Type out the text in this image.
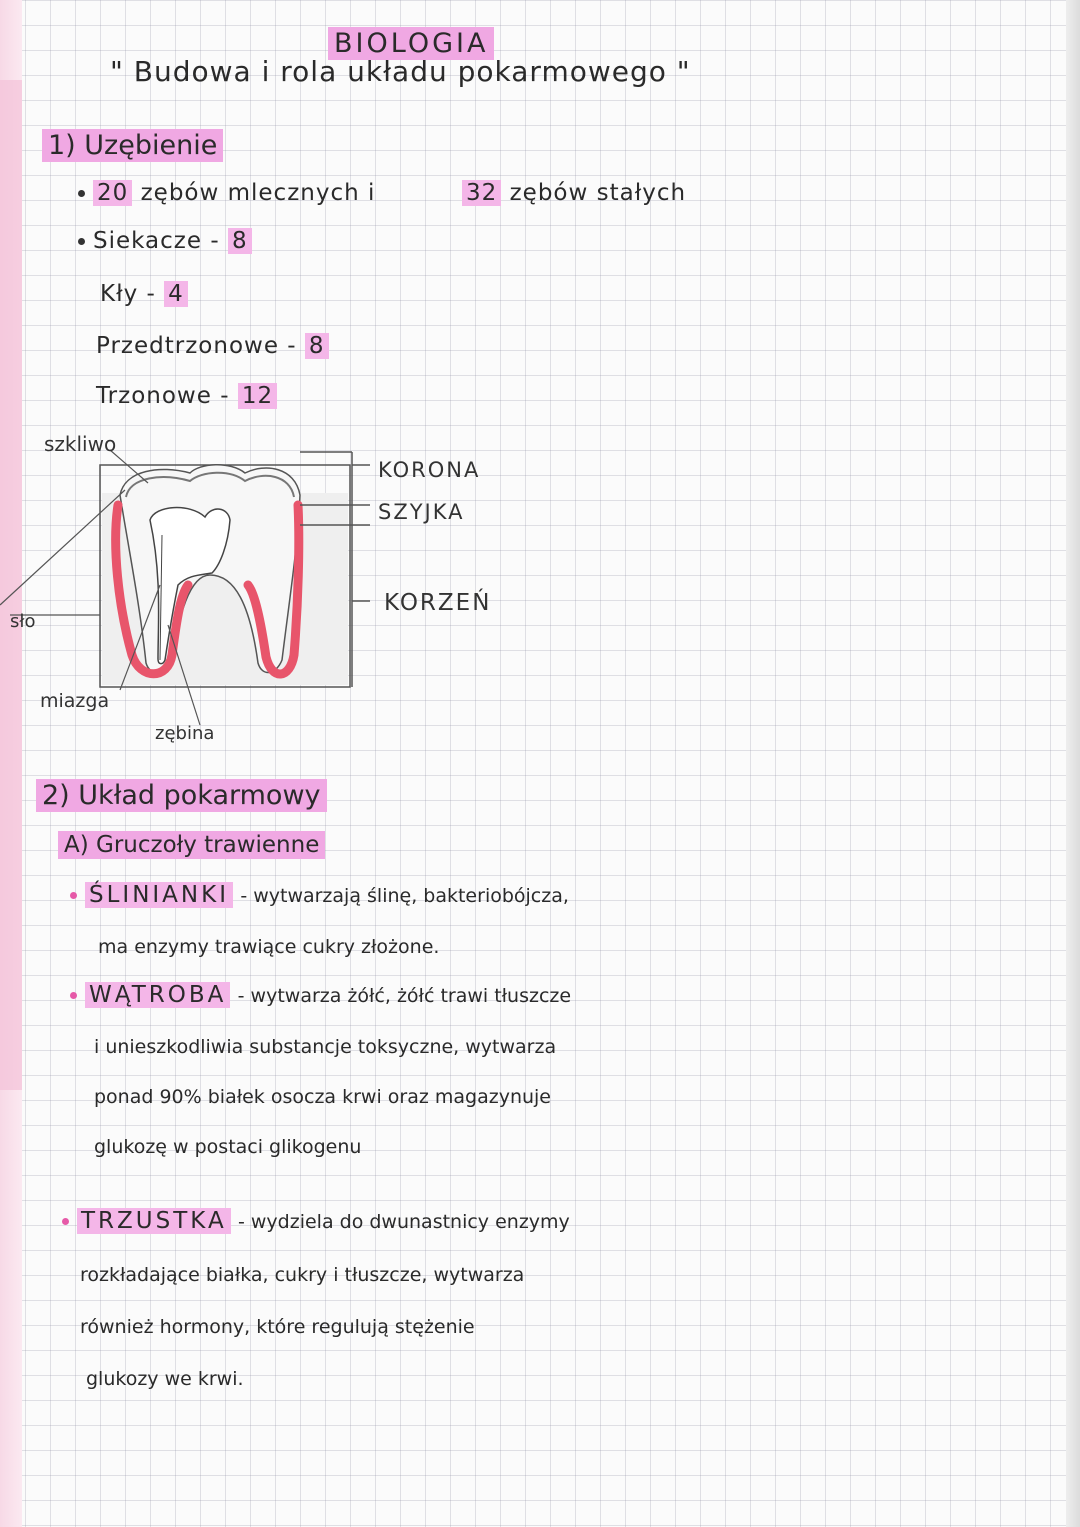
BIOLOGIA
" Budowa i rola układu pokarmowego "
1) Uzębienie
20 zębów mlecznych i	32 zębów stałych
Siekacze - 8
Kły - 4
Przedtrzonowe - 8
Trzonowe - 12
szkliwo
KORONA
SZYJKA
KORZEŃ
sło
miazga
zębina
2) Układ pokarmowy
A) Gruczoły trawienne
ŚLINIANKI - wytwarzają ślinę, bakteriobójcza,
ma enzymy trawiące cukry złożone.
WĄTROBA - wytwarza żółć, żółć trawi tłuszcze
i unieszkodliwia substancje toksyczne, wytwarza
ponad 90% białek osocza krwi oraz magazynuje
glukozę w postaci glikogenu
TRZUSTKA - wydziela do dwunastnicy enzymy
rozkładające białka, cukry i tłuszcze, wytwarza
również hormony, które regulują stężenie
glukozy we krwi.
